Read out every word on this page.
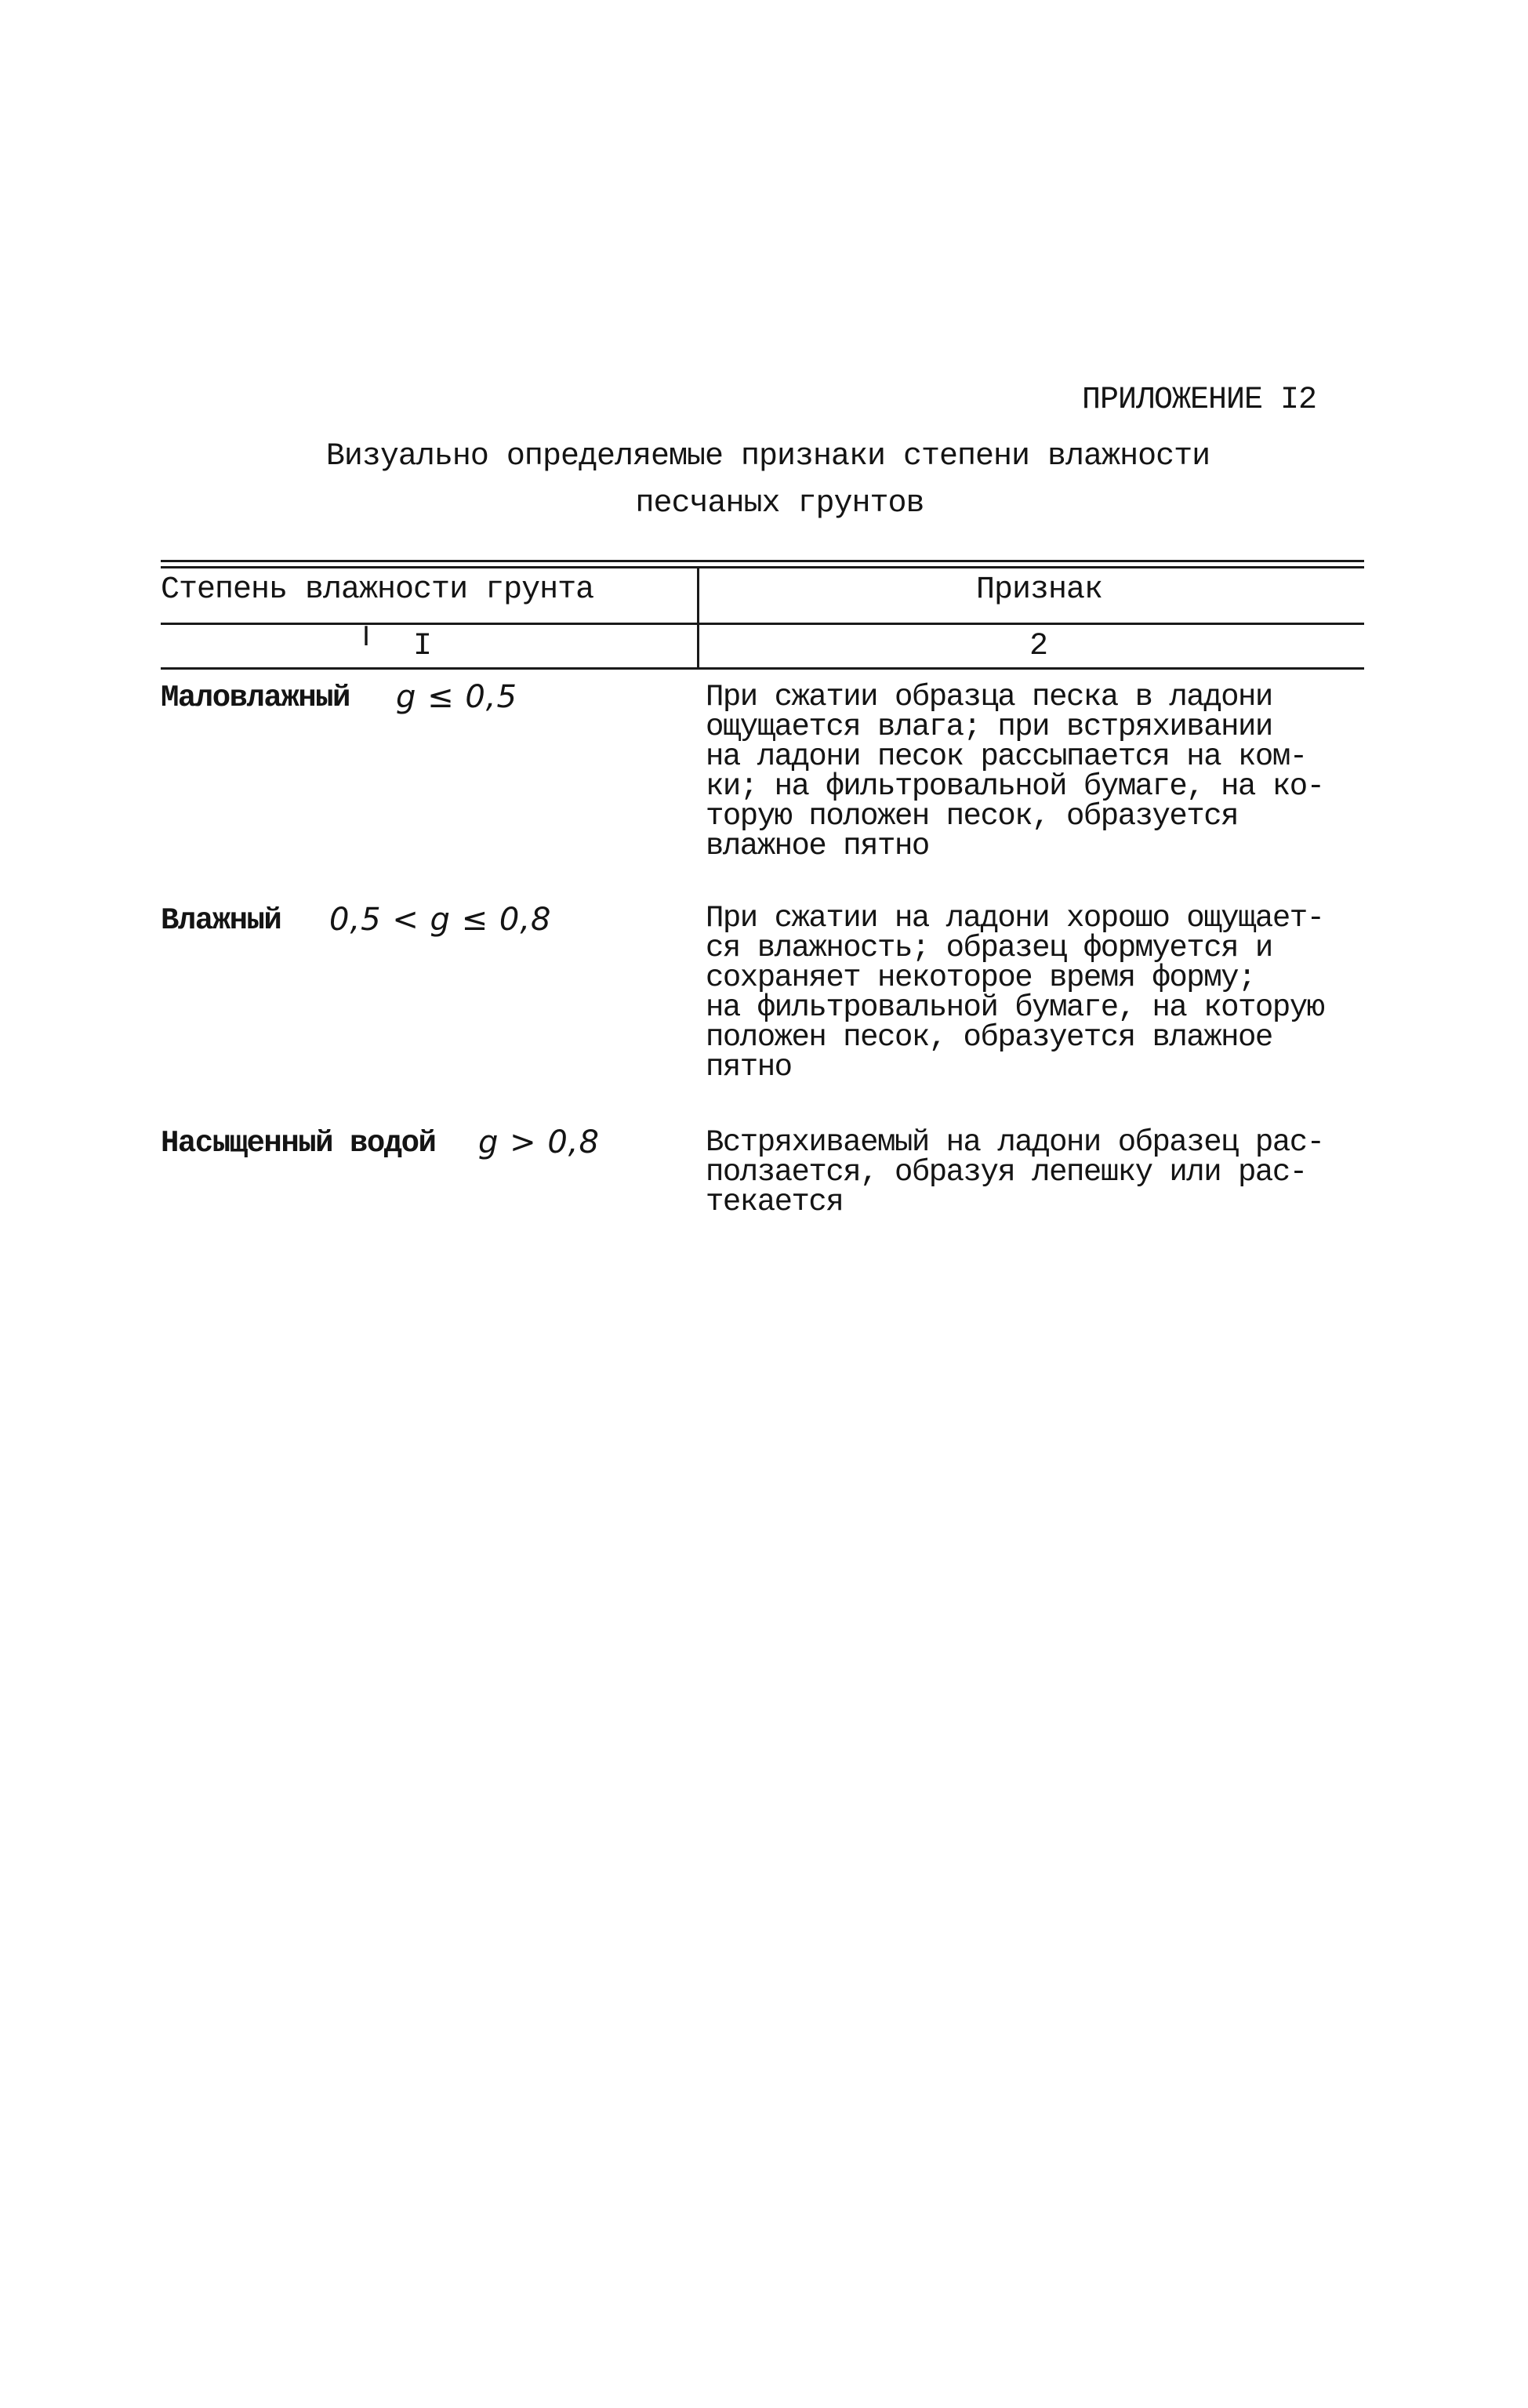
ПРИЛОЖЕНИЕ I2
Визуально определяемые признаки степени влажности
песчаных грунтов
Степень влажности грунта	Признак
I I	2
Маловлажный g ≤ 0,5	При сжатии образца песка в ладони
ощущается влага; при встряхивании
на ладони песок рассыпается на ком-
ки; на фильтровальной бумаге, на ко-
торую положен песок, образуется
влажное пятно
Влажный 0,5 < g ≤ 0,8	При сжатии на ладони хорошо ощущает-
ся влажность; образец формуется и
сохраняет некоторое время форму;
на фильтровальной бумаге, на которую
положен песок, образуется влажное
пятно
Насыщенный водой g > 0,8	Встряхиваемый на ладони образец рас-
ползается, образуя лепешку или рас-
текается
